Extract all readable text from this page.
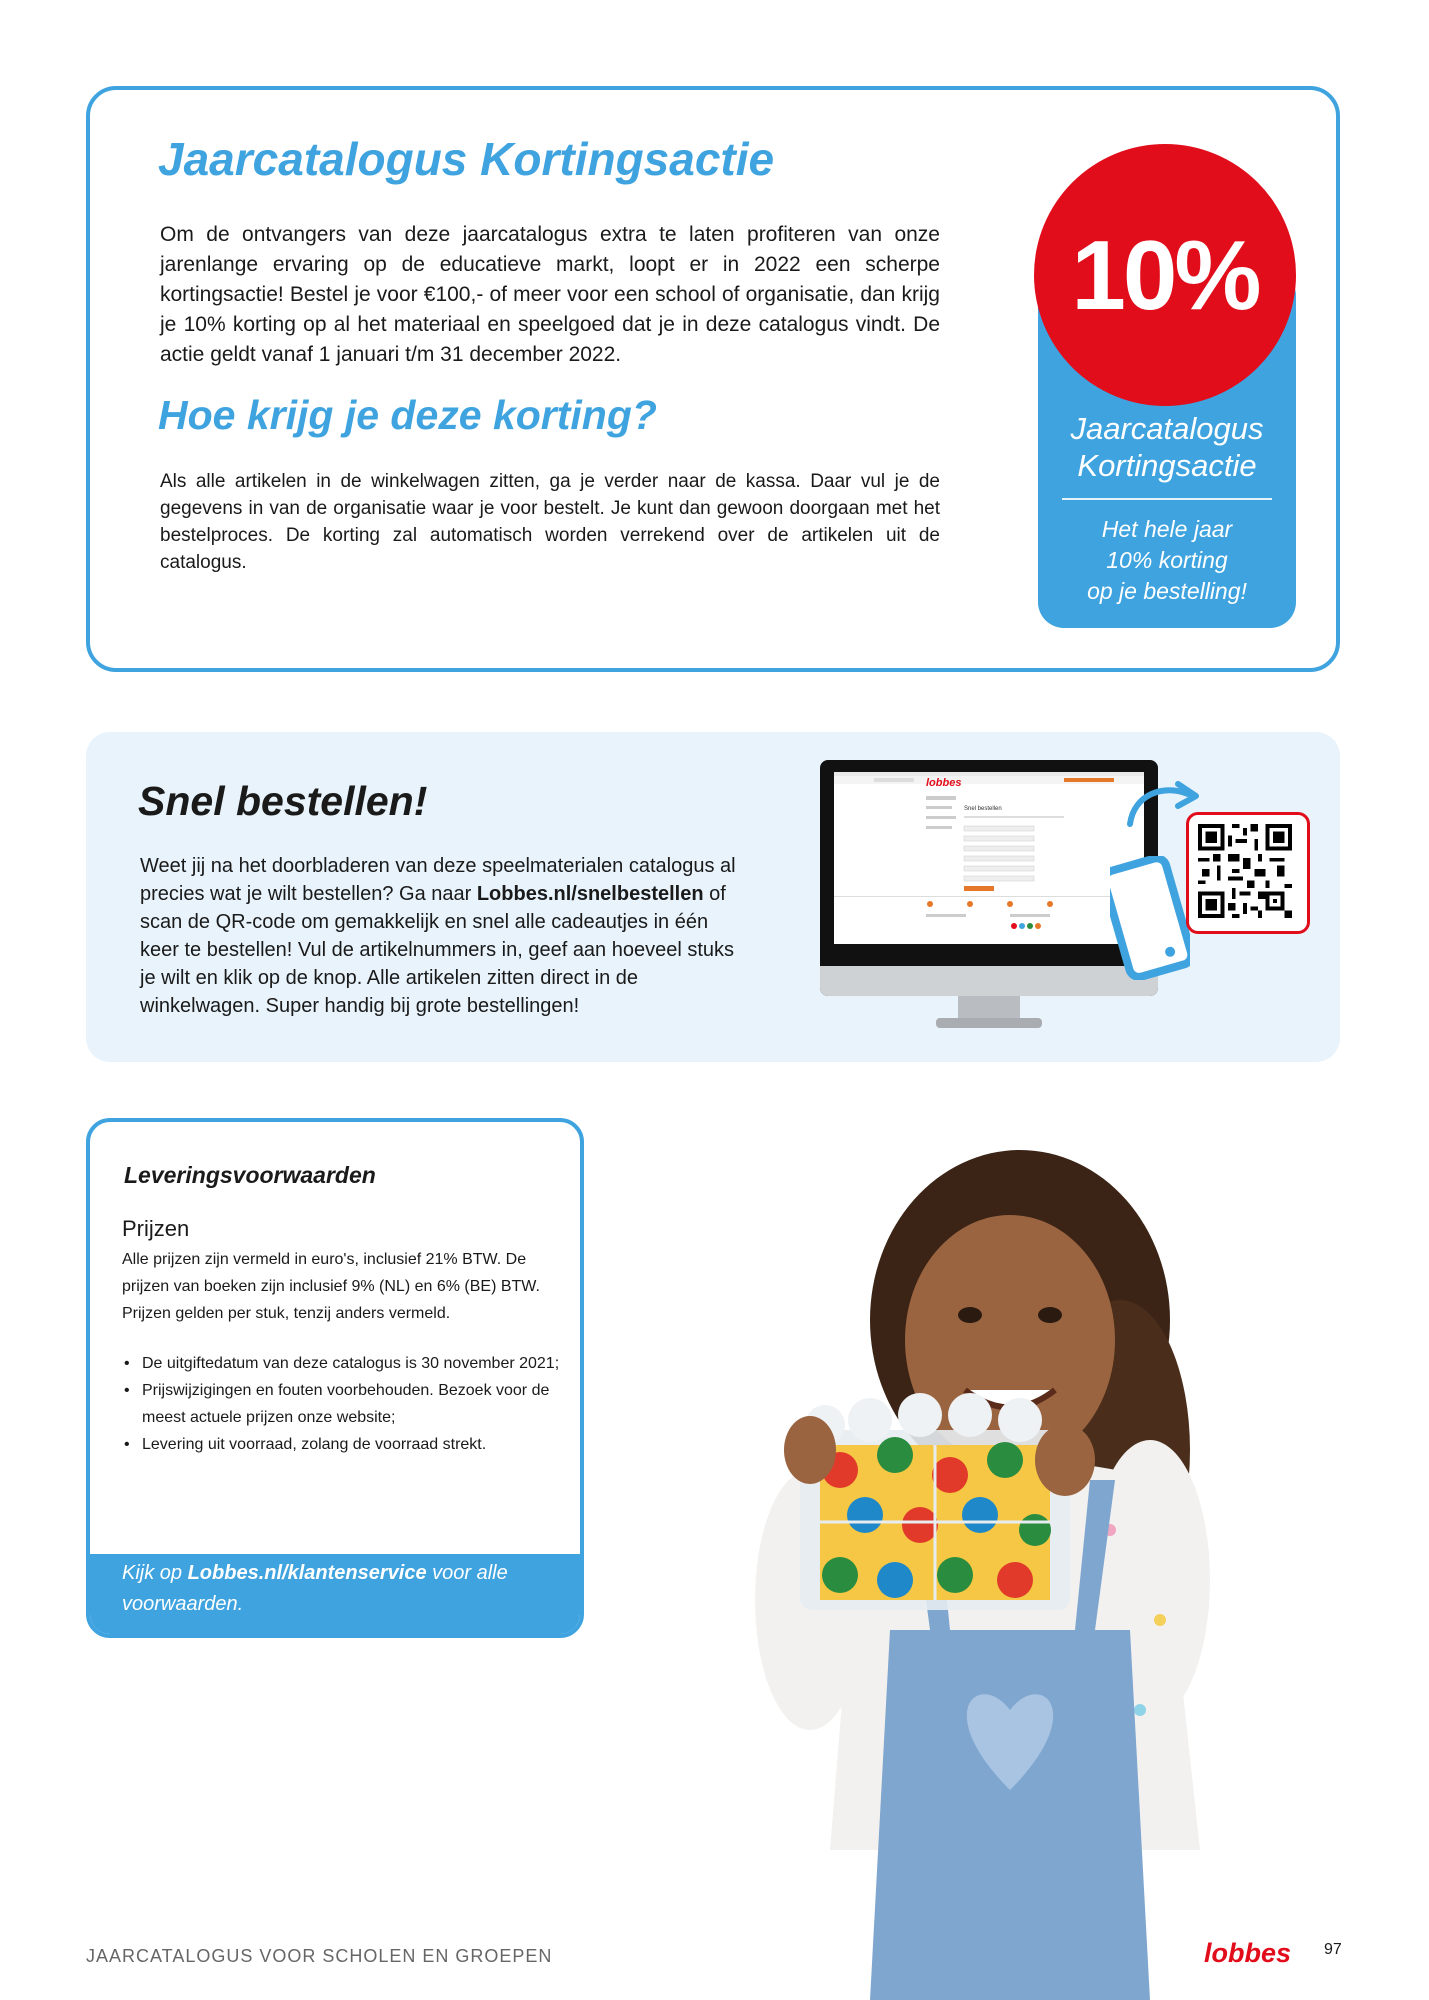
Jaarcatalogus Kortingsactie

Om de ontvangers van deze jaarcatalogus extra te laten profiteren van onze jarenlange ervaring op de educatieve markt, loopt er in 2022 een scherpe kortingsactie! Bestel je voor €100,- of meer voor een school of organisatie, dan krijg je 10% korting op al het materiaal en speelgoed dat je in deze catalogus vindt. De actie geldt vanaf 1 januari t/m 31 december 2022.

Hoe krijg je deze korting?

Als alle artikelen in de winkelwagen zitten, ga je verder naar de kassa. Daar vul je de gegevens in van de organisatie waar je voor bestelt. Je kunt dan gewoon doorgaan met het bestelproces. De korting zal automatisch worden verrekend over de artikelen uit de catalogus.

10%
Jaarcatalogus
Kortingsactie
Het hele jaar
10% korting
op je bestelling!
Snel bestellen!

Weet jij na het doorbladeren van deze speelmaterialen catalogus al precies wat je wilt bestellen? Ga naar Lobbes.nl/snelbestellen of scan de QR-code om gemakkelijk en snel alle cadeautjes in één keer te bestellen! Vul de artikelnummers in, geef aan hoeveel stuks je wilt en klik op de knop. Alle artikelen zitten direct in de winkelwagen. Super handig bij grote bestellingen!

lobbes
Snel bestellen
Leveringsvoorwaarden
Prijzen

Alle prijzen zijn vermeld in euro's, inclusief 21% BTW. De prijzen van boeken zijn inclusief 9% (NL) en 6% (BE) BTW. Prijzen gelden per stuk, tenzij anders vermeld.

• De uitgiftedatum van deze catalogus is 30 november 2021;
• Prijswijzigingen en fouten voorbehouden. Bezoek voor de meest actuele prijzen onze website;
• Levering uit voorraad, zolang de voorraad strekt.

Kijk op Lobbes.nl/klantenservice voor alle voorwaarden.

JAARCATALOGUS VOOR SCHOLEN EN GROEPEN	lobbes 97
